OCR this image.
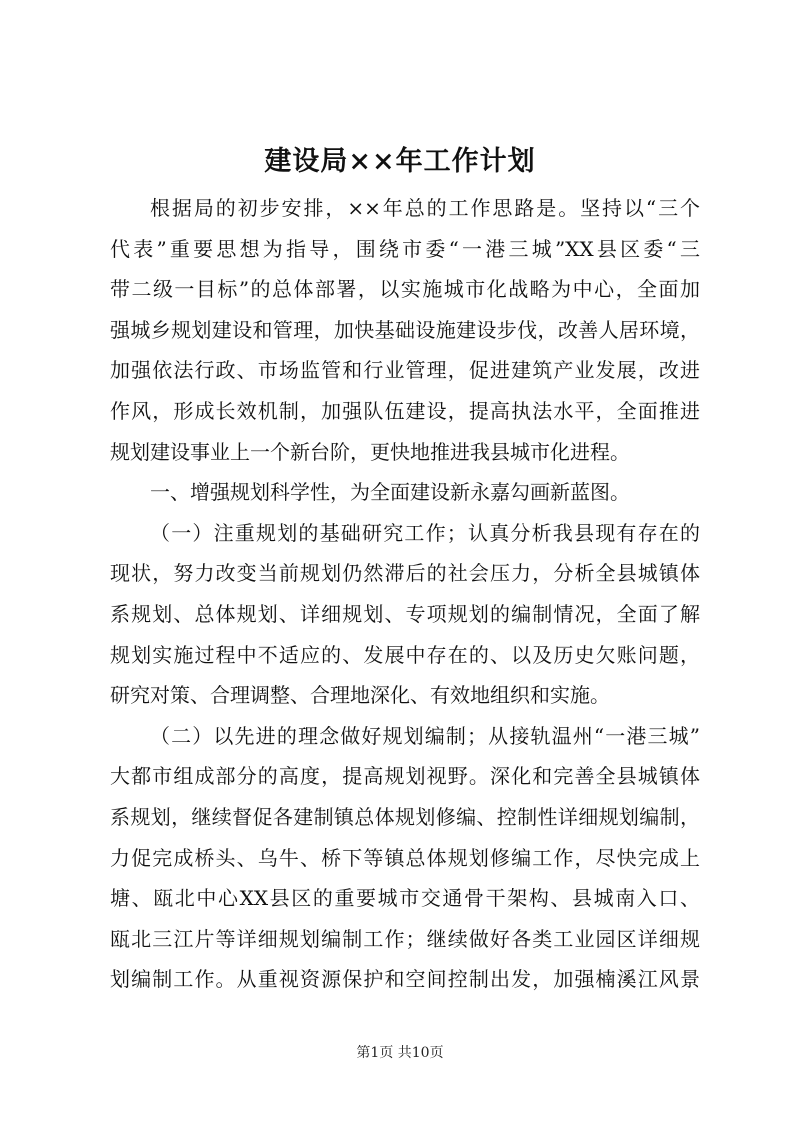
建设局××年工作计划
根据局的初步安排，××年总的工作思路是。坚持以“三个
代表”重要思想为指导，围绕市委“一港三城”XX县区委“三
带二级一目标”的总体部署，以实施城市化战略为中心，全面加
强城乡规划建设和管理，加快基础设施建设步伐，改善人居环境，
加强依法行政、市场监管和行业管理，促进建筑产业发展，改进
作风，形成长效机制，加强队伍建设，提高执法水平，全面推进
规划建设事业上一个新台阶，更快地推进我县城市化进程。
一、增强规划科学性，为全面建设新永嘉勾画新蓝图。
（一）注重规划的基础研究工作；认真分析我县现有存在的
现状，努力改变当前规划仍然滞后的社会压力，分析全县城镇体
系规划、总体规划、详细规划、专项规划的编制情况，全面了解
规划实施过程中不适应的、发展中存在的、以及历史欠账问题，
研究对策、合理调整、合理地深化、有效地组织和实施。
（二）以先进的理念做好规划编制；从接轨温州“一港三城”
大都市组成部分的高度，提高规划视野。深化和完善全县城镇体
系规划，继续督促各建制镇总体规划修编、控制性详细规划编制，
力促完成桥头、乌牛、桥下等镇总体规划修编工作，尽快完成上
塘、瓯北中心XX县区的重要城市交通骨干架构、县城南入口、
瓯北三江片等详细规划编制工作；继续做好各类工业园区详细规
划编制工作。从重视资源保护和空间控制出发，加强楠溪江风景
第1页 共10页
